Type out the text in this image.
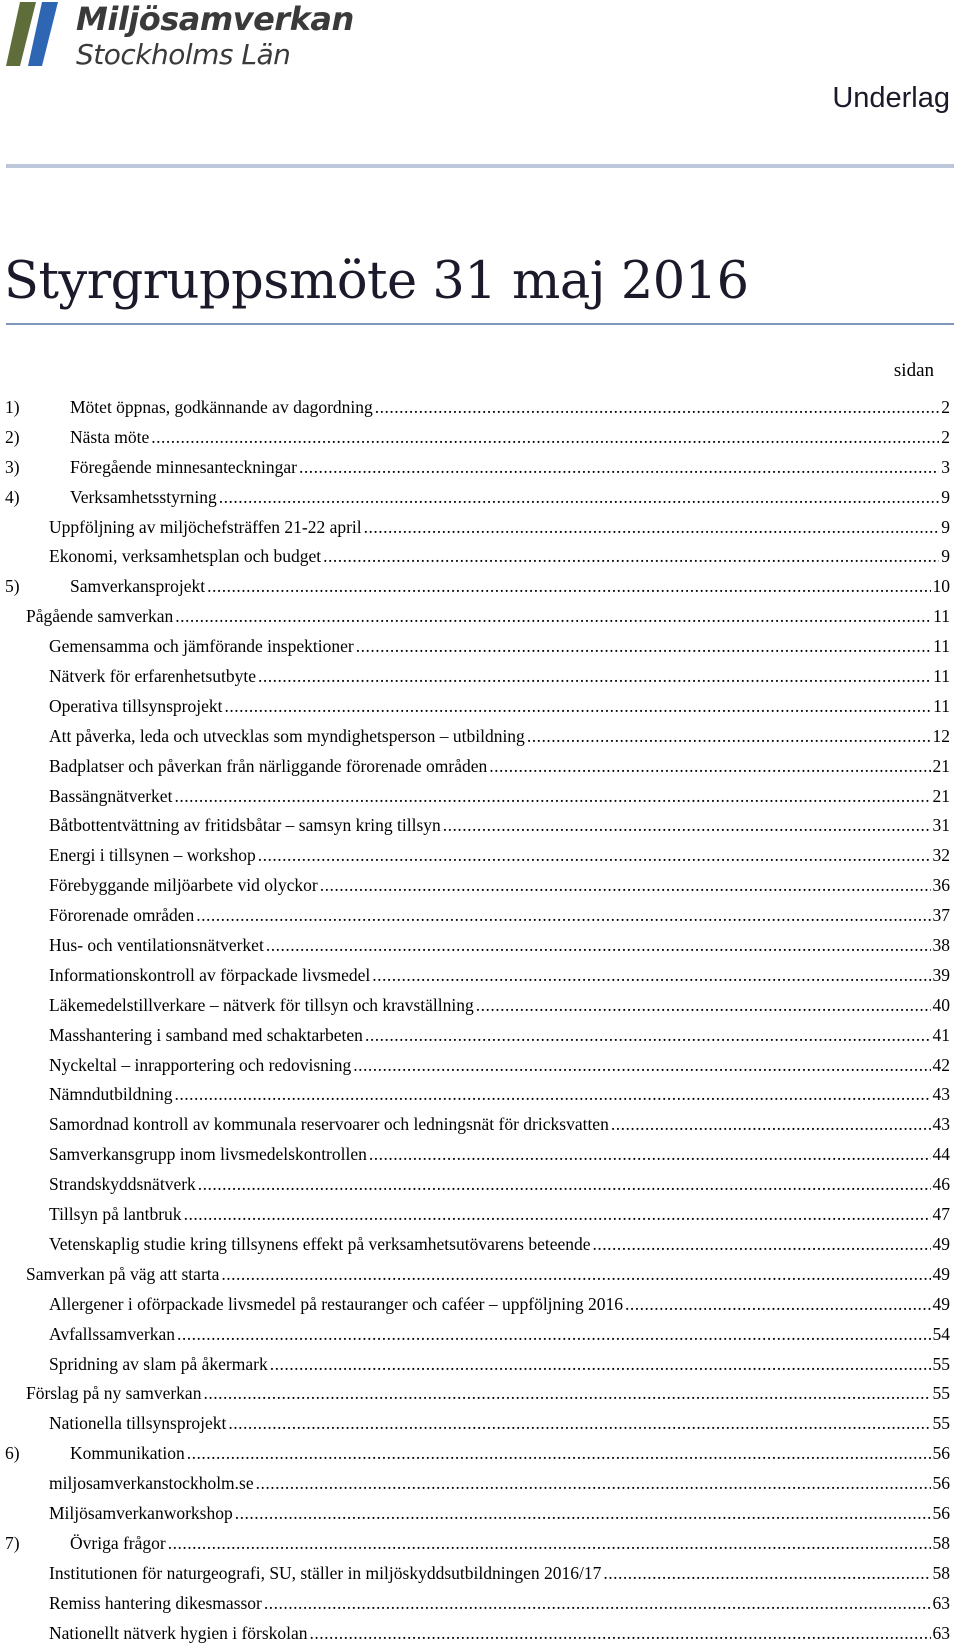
Miljösamverkan
Stockholms Län
Underlag
Styrgruppsmöte 31 maj 2016
sidan
1)	Mötet öppnas, godkännande av dagordning .....	2
2)	Nästa möte .....	2
3)	Föregående minnesanteckningar .....	3
4)	Verksamhetsstyrning .....	9
Uppföljning av miljöchefsträffen 21-22 april .....	9
Ekonomi, verksamhetsplan och budget .....	9
5)	Samverkansprojekt .....	10
Pågående samverkan .....	11
Gemensamma och jämförande inspektioner .....	11
Nätverk för erfarenhetsutbyte .....	11
Operativa tillsynsprojekt .....	11
Att påverka, leda och utvecklas som myndighetsperson – utbildning .....	12
Badplatser och påverkan från närliggande förorenade områden .....	21
Bassängnätverket .....	21
Båtbottentvättning av fritidsbåtar – samsyn kring tillsyn .....	31
Energi i tillsynen – workshop .....	32
Förebyggande miljöarbete vid olyckor .....	36
Förorenade områden .....	37
Hus- och ventilationsnätverket .....	38
Informationskontroll av förpackade livsmedel .....	39
Läkemedelstillverkare – nätverk för tillsyn och kravställning .....	40
Masshantering i samband med schaktarbeten .....	41
Nyckeltal – inrapportering och redovisning .....	42
Nämndutbildning .....	43
Samordnad kontroll av kommunala reservoarer och ledningsnät för dricksvatten .....	43
Samverkansgrupp inom livsmedelskontrollen .....	44
Strandskyddsnätverk .....	46
Tillsyn på lantbruk .....	47
Vetenskaplig studie kring tillsynens effekt på verksamhetsutövarens beteende .....	49
Samverkan på väg att starta .....	49
Allergener i oförpackade livsmedel på restauranger och caféer – uppföljning 2016 .....	49
Avfallssamverkan .....	54
Spridning av slam på åkermark .....	55
Förslag på ny samverkan .....	55
Nationella tillsynsprojekt .....	55
6)	Kommunikation .....	56
miljosamverkanstockholm.se .....	56
Miljösamverkanworkshop .....	56
7)	Övriga frågor .....	58
Institutionen för naturgeografi, SU, ställer in miljöskyddsutbildningen 2016/17 .....	58
Remiss hantering dikesmassor .....	63
Nationellt nätverk hygien i förskolan .....	63
